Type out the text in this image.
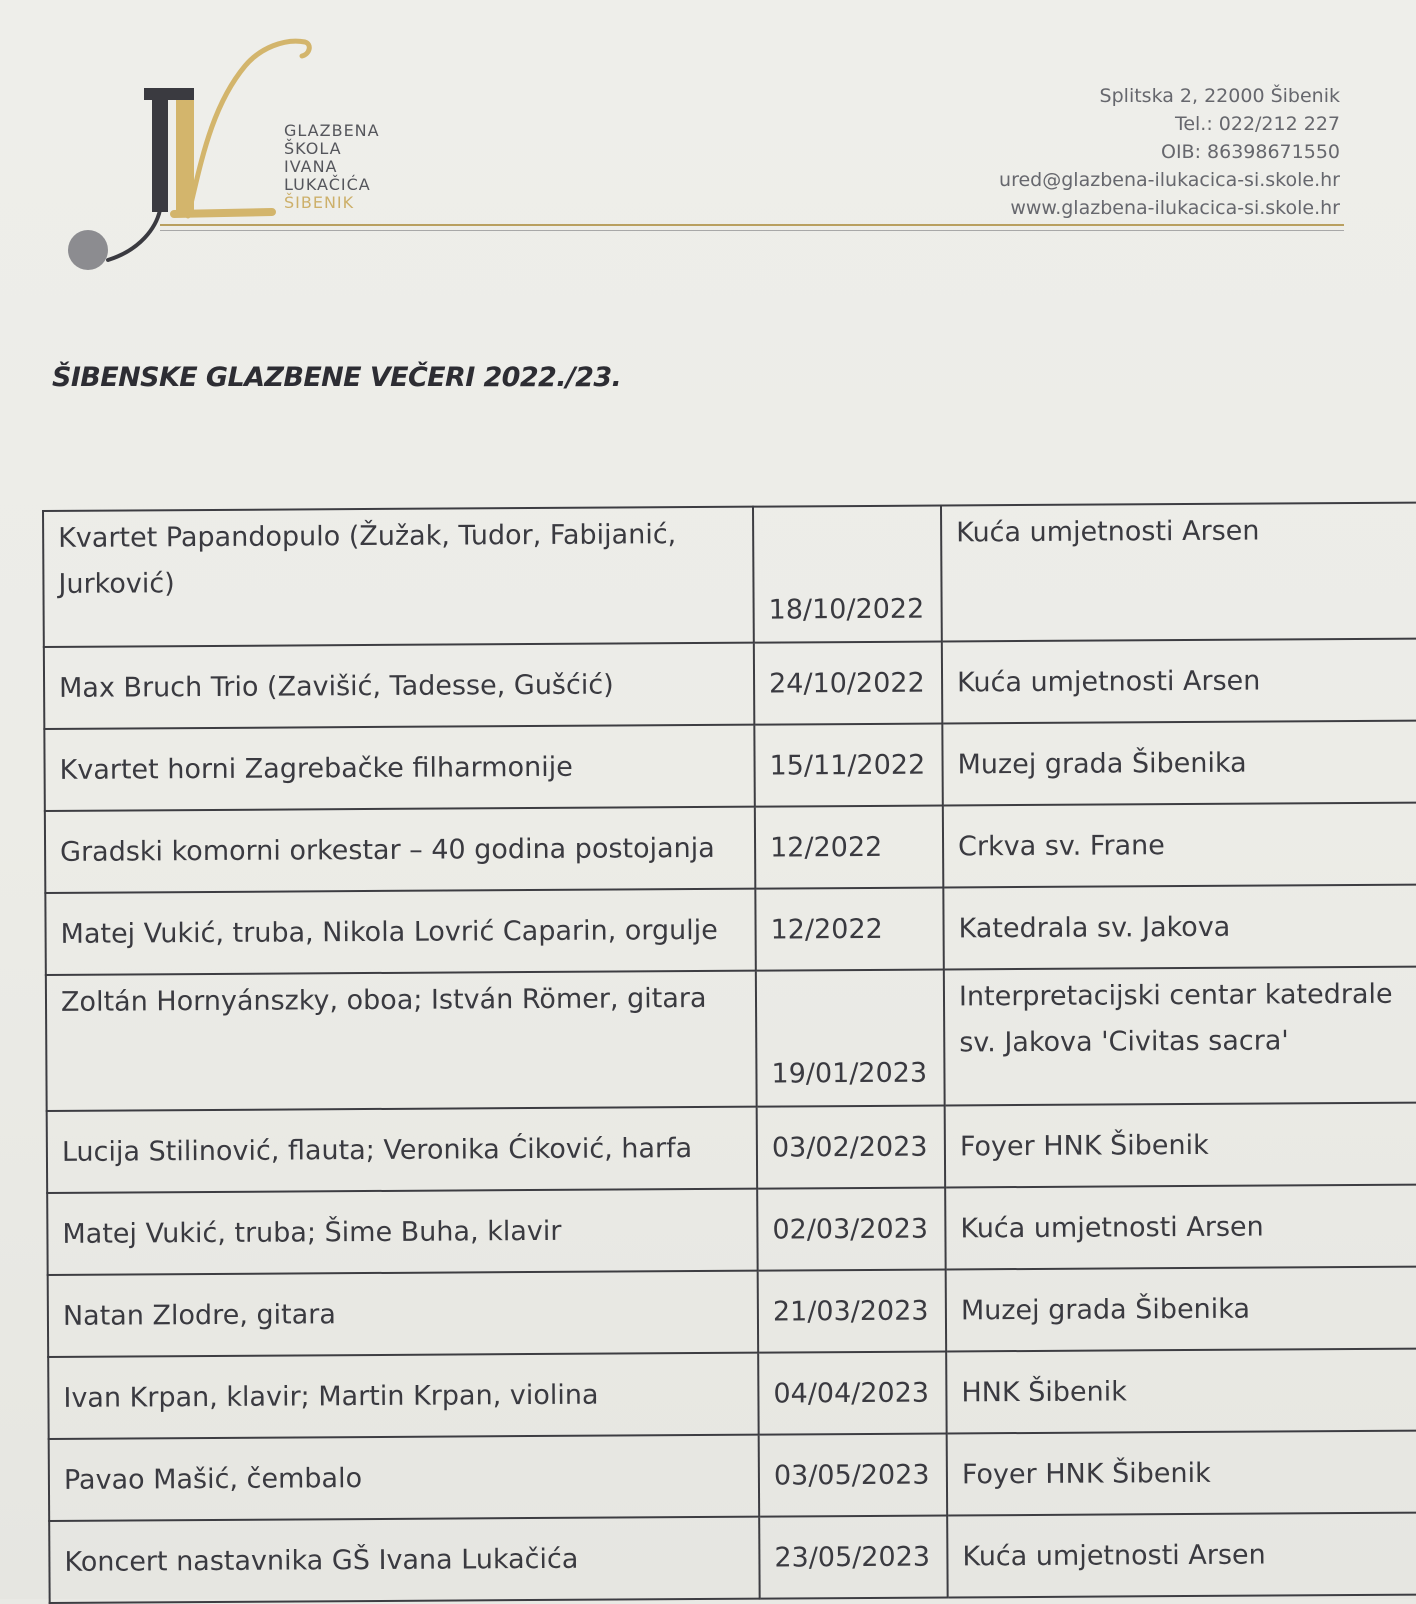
GLAZBENA
ŠKOLA
IVANA
LUKAČIĆA
ŠIBENIK
Splitska 2, 22000 Šibenik
Tel.: 022/212 227
OIB: 86398671550
ured@glazbena-ilukacica-si.skole.hr
www.glazbena-ilukacica-si.skole.hr
ŠIBENSKE GLAZBENE VEČERI 2022./23.
Kvartet Papandopulo (Žužak, Tudor, Fabijanić, Jurković)	18/10/2022	Kuća umjetnosti Arsen
Max Bruch Trio (Zavišić, Tadesse, Gušćić)	24/10/2022	Kuća umjetnosti Arsen
Kvartet horni Zagrebačke filharmonije	15/11/2022	Muzej grada Šibenika
Gradski komorni orkestar – 40 godina postojanja	12/2022	Crkva sv. Frane
Matej Vukić, truba, Nikola Lovrić Caparin, orgulje	12/2022	Katedrala sv. Jakova
Zoltán Hornyánszky, oboa; István Römer, gitara	19/01/2023	Interpretacijski centar katedrale sv. Jakova 'Civitas sacra'
Lucija Stilinović, flauta; Veronika Ćiković, harfa	03/02/2023	Foyer HNK Šibenik
Matej Vukić, truba; Šime Buha, klavir	02/03/2023	Kuća umjetnosti Arsen
Natan Zlodre, gitara	21/03/2023	Muzej grada Šibenika
Ivan Krpan, klavir; Martin Krpan, violina	04/04/2023	HNK Šibenik
Pavao Mašić, čembalo	03/05/2023	Foyer HNK Šibenik
Koncert nastavnika GŠ Ivana Lukačića	23/05/2023	Kuća umjetnosti Arsen
